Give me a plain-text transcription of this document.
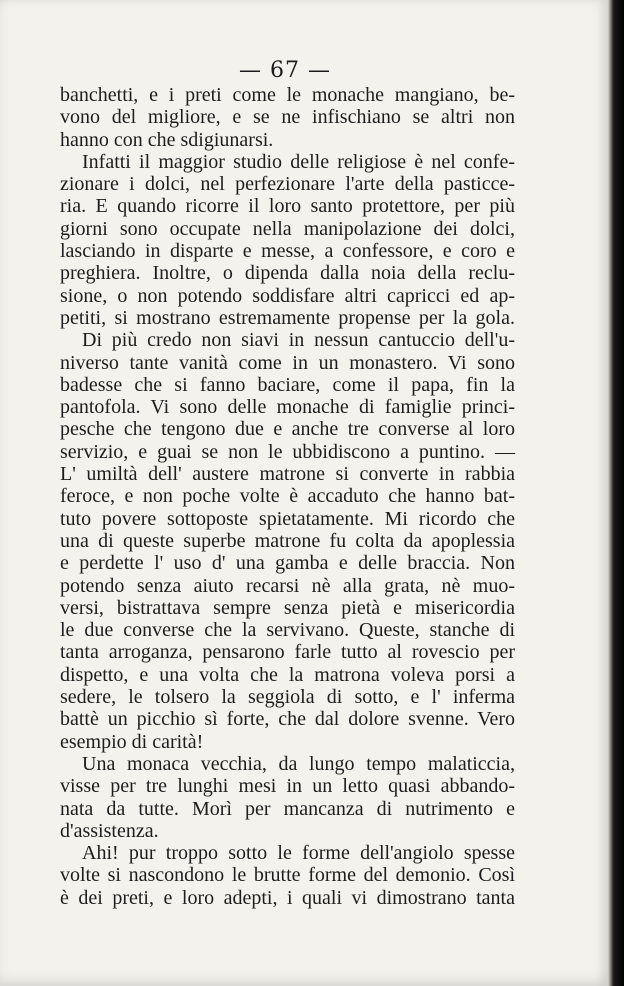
— 67 —
banchetti, e i preti come le monache mangiano, be-
vono del migliore, e se ne infischiano se altri non
hanno con che sdigiunarsi.
Infatti il maggior studio delle religiose è nel confe-
zionare i dolci, nel perfezionare l'arte della pasticce-
ria. E quando ricorre il loro santo protettore, per più
giorni sono occupate nella manipolazione dei dolci,
lasciando in disparte e messe, a confessore, e coro e
preghiera. Inoltre, o dipenda dalla noia della reclu-
sione, o non potendo soddisfare altri capricci ed ap-
petiti, si mostrano estremamente propense per la gola.
Di più credo non siavi in nessun cantuccio dell'u-
niverso tante vanità come in un monastero. Vi sono
badesse che si fanno baciare, come il papa, fin la
pantofola. Vi sono delle monache di famiglie princi-
pesche che tengono due e anche tre converse al loro
servizio, e guai se non le ubbidiscono a puntino. —
L' umiltà dell' austere matrone si converte in rabbia
feroce, e non poche volte è accaduto che hanno bat-
tuto povere sottoposte spietatamente. Mi ricordo che
una di queste superbe matrone fu colta da apoplessia
e perdette l' uso d' una gamba e delle braccia. Non
potendo senza aiuto recarsi nè alla grata, nè muo-
versi, bistrattava sempre senza pietà e misericordia
le due converse che la servivano. Queste, stanche di
tanta arroganza, pensarono farle tutto al rovescio per
dispetto, e una volta che la matrona voleva porsi a
sedere, le tolsero la seggiola di sotto, e l' inferma
battè un picchio sì forte, che dal dolore svenne. Vero
esempio di carità!
Una monaca vecchia, da lungo tempo malaticcia,
visse per tre lunghi mesi in un letto quasi abbando-
nata da tutte. Morì per mancanza di nutrimento e
d'assistenza.
Ahi! pur troppo sotto le forme dell'angiolo spesse
volte si nascondono le brutte forme del demonio. Così
è dei preti, e loro adepti, i quali vi dimostrano tanta
